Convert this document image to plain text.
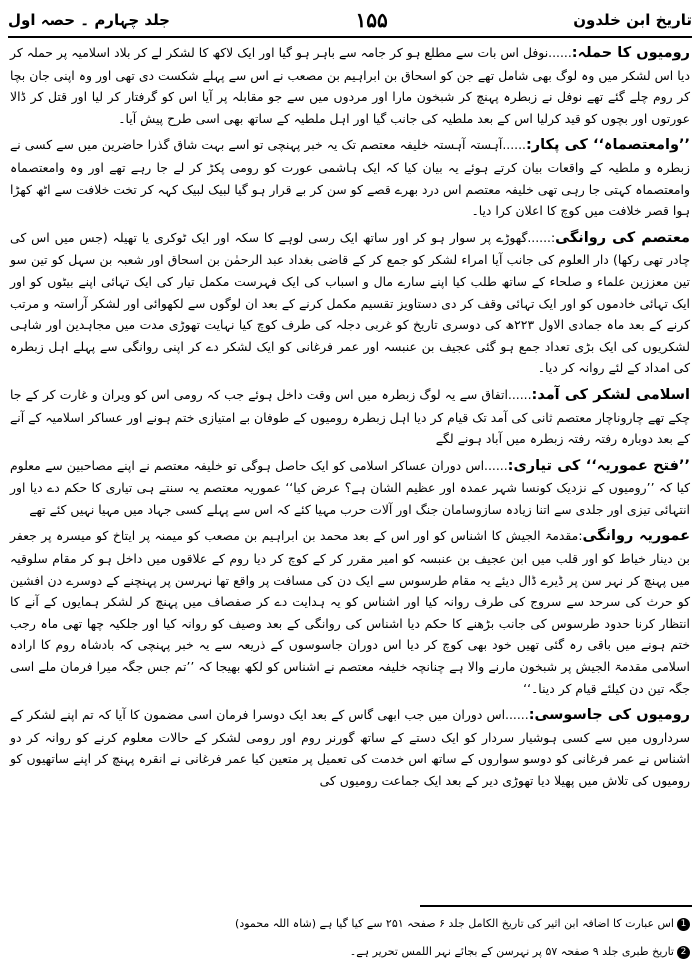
تاریخ ابن خلدون
۱۵۵
جلد چہارم ۔ حصہ اول

رومیوں کا حملہ:......نوفل اس بات سے مطلع ہو کر جامہ سے باہر ہو گیا اور ایک لاکھ کا لشکر لے کر بلاد اسلامیہ پر حملہ کر دیا اس لشکر میں وہ لوگ بھی شامل تھے جن کو اسحاق بن ابراہیم بن مصعب نے اس سے پہلے شکست دی تھی اور وہ اپنی جان بچا کر روم چلے گئے تھے نوفل نے زبطرہ پہنچ کر شبخون مارا اور مردوں میں سے جو مقابلہ پر آیا اس کو گرفتار کر لیا اور قتل کر ڈالا عورتوں اور بچوں کو قید کرلیا اس کے بعد ملطیہ کی جانب گیا اور اہل ملطیہ کے ساتھ بھی اسی طرح پیش آیا۔

’’وامعتصماہ‘‘ کی پکار:......آہستہ آہستہ خلیفہ معتصم تک یہ خبر پہنچی تو اسے بہت شاق گذرا حاضرین میں سے کسی نے زبطرہ و ملطیہ کے واقعات بیان کرتے ہوئے یہ بیان کیا کہ ایک ہاشمی عورت کو رومی پکڑ کر لے جا رہے تھے اور وہ وامعتصماہ وامعتصماہ کہتی جا رہی تھی خلیفہ معتصم اس درد بھرے قصے کو سن کر بے قرار ہو گیا لبیک لبیک کہہ کر تخت خلافت سے اٹھ کھڑا ہوا قصر خلافت میں کوچ کا اعلان کرا دیا۔

معتصم کی روانگی:......گھوڑے پر سوار ہو کر اور ساتھ ایک رسی لوہے کا سکہ اور ایک ٹوکری یا تھیلہ (جس میں اس کی چادر تھی رکھا) دار العلوم کی جانب آیا امراء لشکر کو جمع کر کے قاضی بغداد عبد الرحمٰن بن اسحاق اور شعبہ بن سہل کو تین سو تین معززین علماء و صلحاء کے ساتھ طلب کیا اپنے سارے مال و اسباب کی ایک فہرست مکمل تیار کی ایک تہائی اپنے بیٹوں کو اور ایک تہائی خادموں کو اور ایک تہائی وقف کر دی دستاویز تقسیم مکمل کرنے کے بعد ان لوگوں سے لکھوائی اور لشکر آراستہ و مرتب کرنے کے بعد ماہ جمادی الاول ۲۲۳ھ کی دوسری تاریخ کو غربی دجلہ کی طرف کوچ کیا نہایت تھوڑی مدت میں مجاہدین اور شاہی لشکریوں کی ایک بڑی تعداد جمع ہو گئی عجیف بن عنبسہ اور عمر فرغانی کو ایک لشکر دے کر اپنی روانگی سے پہلے اہل زبطرہ کی امداد کے لئے روانہ کر دیا۔

اسلامی لشکر کی آمد:......اتفاق سے یہ لوگ زبطرہ میں اس وقت داخل ہوئے جب کہ رومی اس کو ویران و غارت کر کے جا چکے تھے چاروناچار معتصم ثانی کی آمد تک قیام کر دیا اہل زبطرہ رومیوں کے طوفان بے امتیازی ختم ہونے اور عساکر اسلامیہ کے آنے کے بعد دوبارہ رفتہ رفتہ زبطرہ میں آباد ہونے لگے

’’فتح عموریہ‘‘ کی تیاری:......اس دوران عساکر اسلامی کو ایک حاصل ہوگی تو خلیفہ معتصم نے اپنے مصاحبین سے معلوم کیا کہ ’’رومیوں کے نزدیک کونسا شہر عمدہ اور عظیم الشان ہے؟ عرض کیا‘‘ عموریہ معتصم یہ سنتے ہی تیاری کا حکم دے دیا اور انتہائی تیزی اور جلدی سے اتنا زیادہ سازوسامان جنگ اور آلات حرب مہیا کئے کہ اس سے پہلے کسی جہاد میں مہیا نہیں کئے تھے

عموریہ روانگی:مقدمۃ الجیش کا اشناس کو اور اس کے بعد محمد بن ابراہیم بن مصعب کو میمنہ پر ایتاخ کو میسرہ پر جعفر بن دینار خیاط کو اور قلب میں ابن عجیف بن عنبسہ کو امیر مقرر کر کے کوچ کر دیا روم کے علاقوں میں داخل ہو کر مقام سلوقیہ میں پہنچ کر نہر سن پر ڈیرے ڈال دیئے یہ مقام طرسوس سے ایک دن کی مسافت پر واقع تھا نہرسن پر پہنچنے کے دوسرے دن افشین کو حرث کی سرحد سے سروج کی طرف روانہ کیا اور اشناس کو یہ ہدایت دے کر صفصاف میں پہنچ کر لشکر ہمایوں کے آنے کا انتظار کرنا حدود طرسوس کی جانب بڑھنے کا حکم دیا اشناس کی روانگی کے بعد وصیف کو روانہ کیا اور جلکیہ چھا تھی ماہ رجب ختم ہونے میں باقی رہ گئی تھیں خود بھی کوچ کر دیا اس دوران جاسوسوں کے ذریعہ سے یہ خبر پہنچی کہ بادشاہ روم کا ارادہ اسلامی مقدمۃ الجیش پر شبخون مارنے والا ہے چنانچہ خلیفہ معتصم نے اشناس کو لکھ بھیجا کہ ’’تم جس جگہ میرا فرمان ملے اسی جگہ تین دن کیلئے قیام کر دینا۔‘‘

رومیوں کی جاسوسی:......اس دوران میں جب ابھی گاس کے بعد ایک دوسرا فرمان اسی مضمون کا آیا کہ تم اپنے لشکر کے سرداروں میں سے کسی ہوشیار سردار کو ایک دستے کے ساتھ گورنر روم اور رومی لشکر کے حالات معلوم کرنے کو روانہ کر دو اشناس نے عمر فرغانی کو دوسو سواروں کے ساتھ اس خدمت کی تعمیل پر متعین کیا عمر فرغانی نے انقرہ پہنچ کر اپنے ساتھیوں کو رومیوں کی تلاش میں پھیلا دیا تھوڑی دیر کے بعد ایک جماعت رومیوں کی

1اس عبارت کا اضافہ ابن اثیر کی تاریخ الکامل جلد ۶ صفحہ ۲۵۱ سے کیا گیا ہے (شاہ اللہ محمود)
2تاریخ طبری جلد ۹ صفحہ ۵۷ پر نہرسن کے بجائے نہر اللمس تحریر ہے۔
